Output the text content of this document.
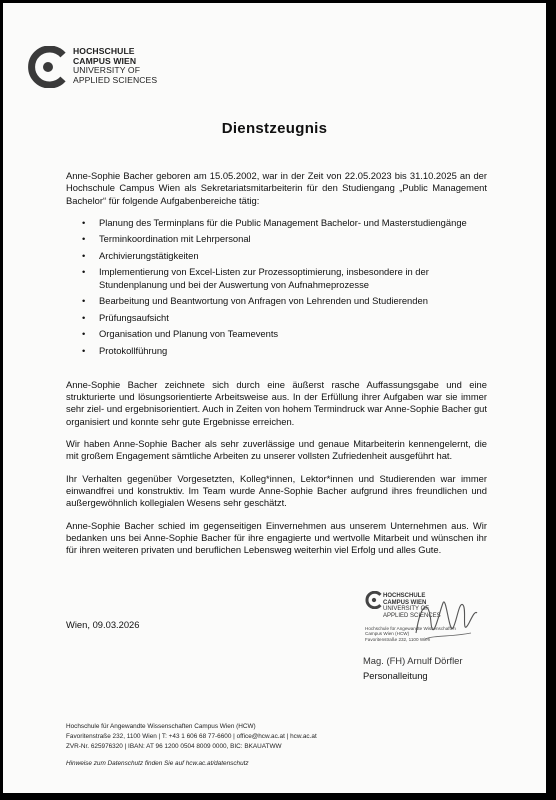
HOCHSCHULE
CAMPUS WIEN
UNIVERSITY OF
APPLIED SCIENCES
Dienstzeugnis

Anne-Sophie Bacher geboren am 15.05.2002, war in der Zeit von 22.05.2023 bis 31.10.2025 an der Hochschule Campus Wien als Sekretariatsmitarbeiterin für den Studiengang „Public Management Bachelor“ für folgende Aufgabenbereiche tätig:

• Planung des Terminplans für die Public Management Bachelor- und Masterstudiengänge
• Terminkoordination mit Lehrpersonal
• Archivierungstätigkeiten
• Implementierung von Excel-Listen zur Prozessoptimierung, insbesondere in der Stundenplanung und bei der Auswertung von Aufnahmeprozesse
• Bearbeitung und Beantwortung von Anfragen von Lehrenden und Studierenden
• Prüfungsaufsicht
• Organisation und Planung von Teamevents
• Protokollführung

Anne-Sophie Bacher zeichnete sich durch eine äußerst rasche Auffassungsgabe und eine strukturierte und lösungsorientierte Arbeitsweise aus. In der Erfüllung ihrer Aufgaben war sie immer sehr ziel- und ergebnisorientiert. Auch in Zeiten von hohem Termindruck war Anne-Sophie Bacher gut organisiert und konnte sehr gute Ergebnisse erreichen.

Wir haben Anne-Sophie Bacher als sehr zuverlässige und genaue Mitarbeiterin kennengelernt, die mit großem Engagement sämtliche Arbeiten zu unserer vollsten Zufriedenheit ausgeführt hat.

Ihr Verhalten gegenüber Vorgesetzten, Kolleg*innen, Lektor*innen und Studierenden war immer einwandfrei und konstruktiv. Im Team wurde Anne-Sophie Bacher aufgrund ihres freundlichen und außergewöhnlich kollegialen Wesens sehr geschätzt.

Anne-Sophie Bacher schied im gegenseitigen Einvernehmen aus unserem Unternehmen aus. Wir bedanken uns bei Anne-Sophie Bacher für ihre engagierte und wertvolle Mitarbeit und wünschen ihr für ihren weiteren privaten und beruflichen Lebensweg weiterhin viel Erfolg und alles Gute.

Wien, 09.03.2026
HOCHSCHULE
CAMPUS WIEN
UNIVERSITY OF
APPLIED SCIENCES
Hochschule für Angewandte Wissenschaften
Campus Wien (HCW)
Favoritenstraße 232, 1100 Wien
Mag. (FH) Arnulf Dörfler
Personalleitung
Hochschule für Angewandte Wissenschaften Campus Wien (HCW)
Favoritenstraße 232, 1100 Wien | T: +43 1 606 68 77-6600 | office@hcw.ac.at | hcw.ac.at
ZVR-Nr. 625976320 | IBAN: AT 96 1200 0504 8009 0000, BIC: BKAUATWW
Hinweise zum Datenschutz finden Sie auf hcw.ac.at/datenschutz
